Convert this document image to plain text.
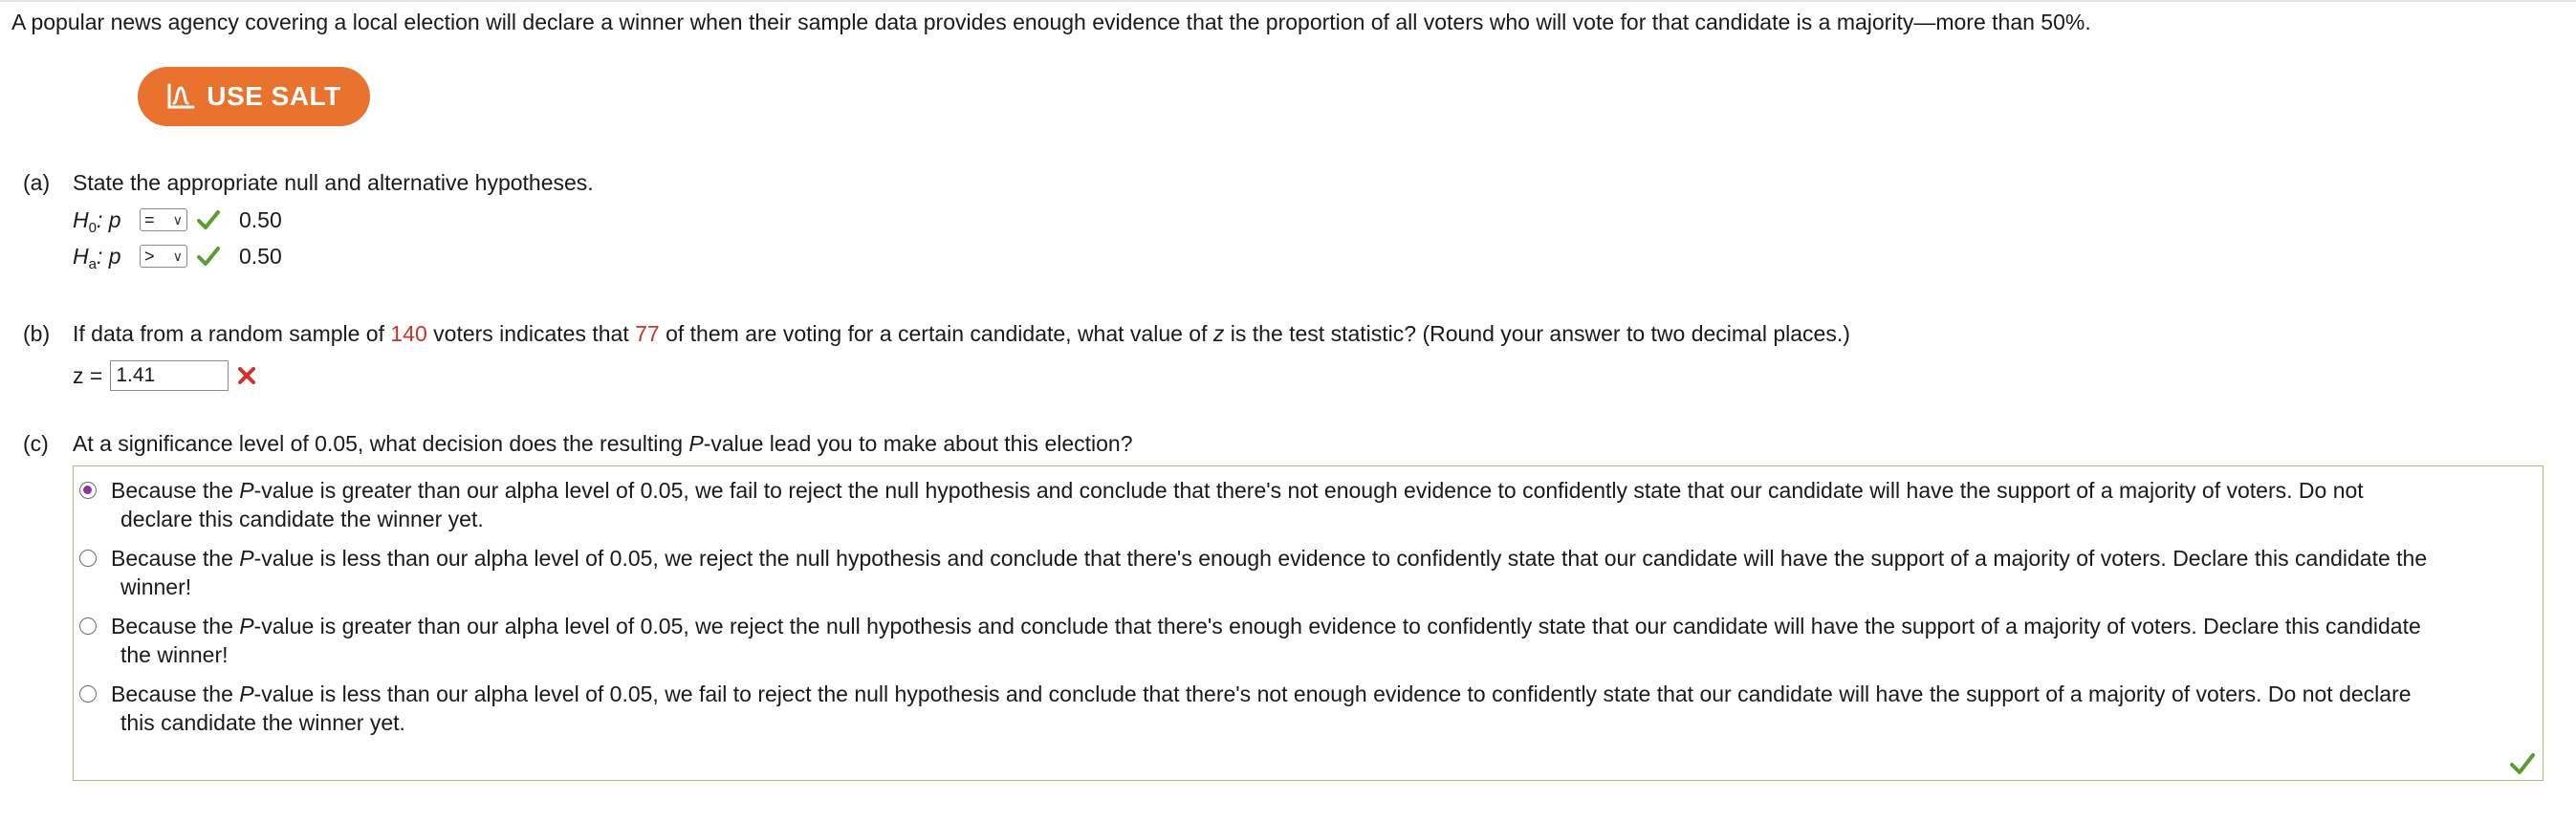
A popular news agency covering a local election will declare a winner when their sample data provides enough evidence that the proportion of all voters who will vote for that candidate is a majority—more than 50%.
USE SALT
(a) State the appropriate null and alternative hypotheses.
$H_0$: p	= ∨	0.50
$H_a$: p	> ∨	0.50
(b) If data from a random sample of 140 voters indicates that 77 of them are voting for a certain candidate, what value of z is the test statistic? (Round your answer to two decimal places.)
z =
1.41
(c) At a significance level of 0.05, what decision does the resulting P-value lead you to make about this election?
Because the P-value is greater than our alpha level of 0.05, we fail to reject the null hypothesis and conclude that there's not enough evidence to confidently state that our candidate will have the support of a majority of voters. Do not
declare this candidate the winner yet.
Because the P-value is less than our alpha level of 0.05, we reject the null hypothesis and conclude that there's enough evidence to confidently state that our candidate will have the support of a majority of voters. Declare this candidate the
winner!
Because the P-value is greater than our alpha level of 0.05, we reject the null hypothesis and conclude that there's enough evidence to confidently state that our candidate will have the support of a majority of voters. Declare this candidate
the winner!
Because the P-value is less than our alpha level of 0.05, we fail to reject the null hypothesis and conclude that there's not enough evidence to confidently state that our candidate will have the support of a majority of voters. Do not declare
this candidate the winner yet.
